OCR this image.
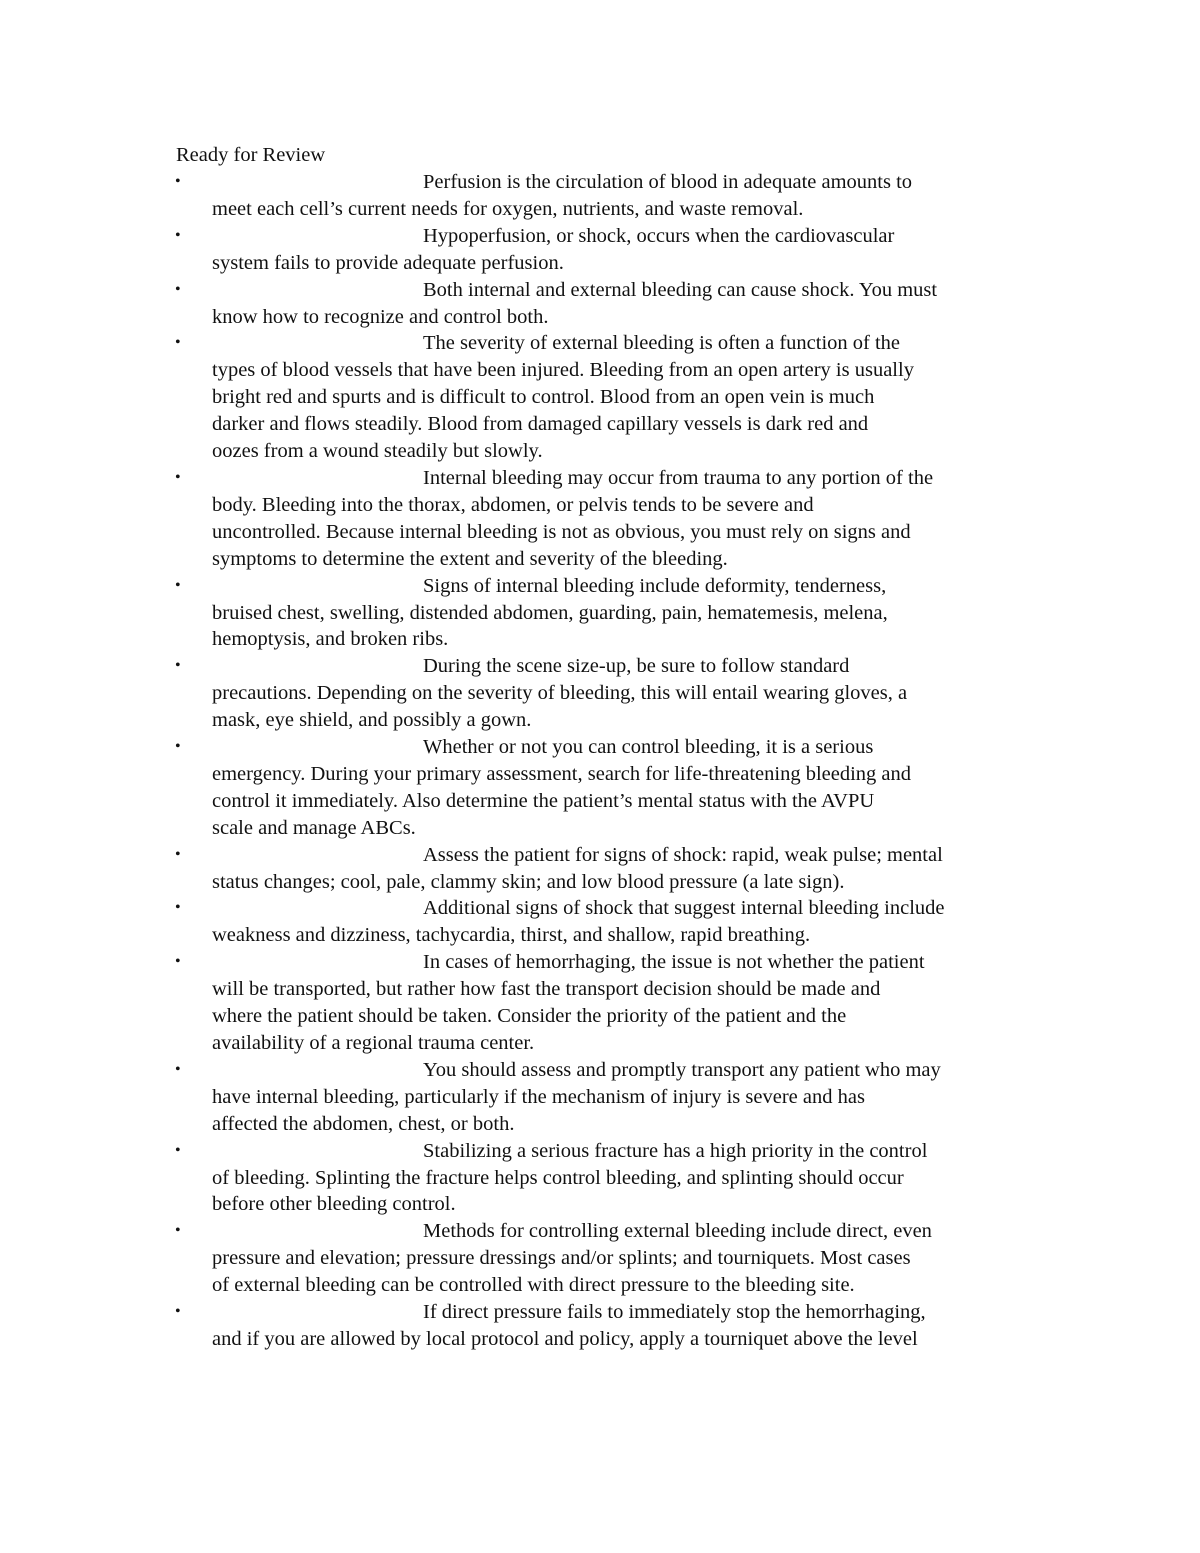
Ready for Review
•	Perfusion is the circulation of blood in adequate amounts to
meet each cell’s current needs for oxygen, nutrients, and waste removal.
•	Hypoperfusion, or shock, occurs when the cardiovascular
system fails to provide adequate perfusion.
•	Both internal and external bleeding can cause shock. You must
know how to recognize and control both.
•	The severity of external bleeding is often a function of the
types of blood vessels that have been injured. Bleeding from an open artery is usually
bright red and spurts and is difficult to control. Blood from an open vein is much
darker and flows steadily. Blood from damaged capillary vessels is dark red and
oozes from a wound steadily but slowly.
•	Internal bleeding may occur from trauma to any portion of the
body. Bleeding into the thorax, abdomen, or pelvis tends to be severe and
uncontrolled. Because internal bleeding is not as obvious, you must rely on signs and
symptoms to determine the extent and severity of the bleeding.
•	Signs of internal bleeding include deformity, tenderness,
bruised chest, swelling, distended abdomen, guarding, pain, hematemesis, melena,
hemoptysis, and broken ribs.
•	During the scene size-up, be sure to follow standard
precautions. Depending on the severity of bleeding, this will entail wearing gloves, a
mask, eye shield, and possibly a gown.
•	Whether or not you can control bleeding, it is a serious
emergency. During your primary assessment, search for life-threatening bleeding and
control it immediately. Also determine the patient’s mental status with the AVPU
scale and manage ABCs.
•	Assess the patient for signs of shock: rapid, weak pulse; mental
status changes; cool, pale, clammy skin; and low blood pressure (a late sign).
•	Additional signs of shock that suggest internal bleeding include
weakness and dizziness, tachycardia, thirst, and shallow, rapid breathing.
•	In cases of hemorrhaging, the issue is not whether the patient
will be transported, but rather how fast the transport decision should be made and
where the patient should be taken. Consider the priority of the patient and the
availability of a regional trauma center.
•	You should assess and promptly transport any patient who may
have internal bleeding, particularly if the mechanism of injury is severe and has
affected the abdomen, chest, or both.
•	Stabilizing a serious fracture has a high priority in the control
of bleeding. Splinting the fracture helps control bleeding, and splinting should occur
before other bleeding control.
•	Methods for controlling external bleeding include direct, even
pressure and elevation; pressure dressings and/or splints; and tourniquets. Most cases
of external bleeding can be controlled with direct pressure to the bleeding site.
•	If direct pressure fails to immediately stop the hemorrhaging,
and if you are allowed by local protocol and policy, apply a tourniquet above the level
